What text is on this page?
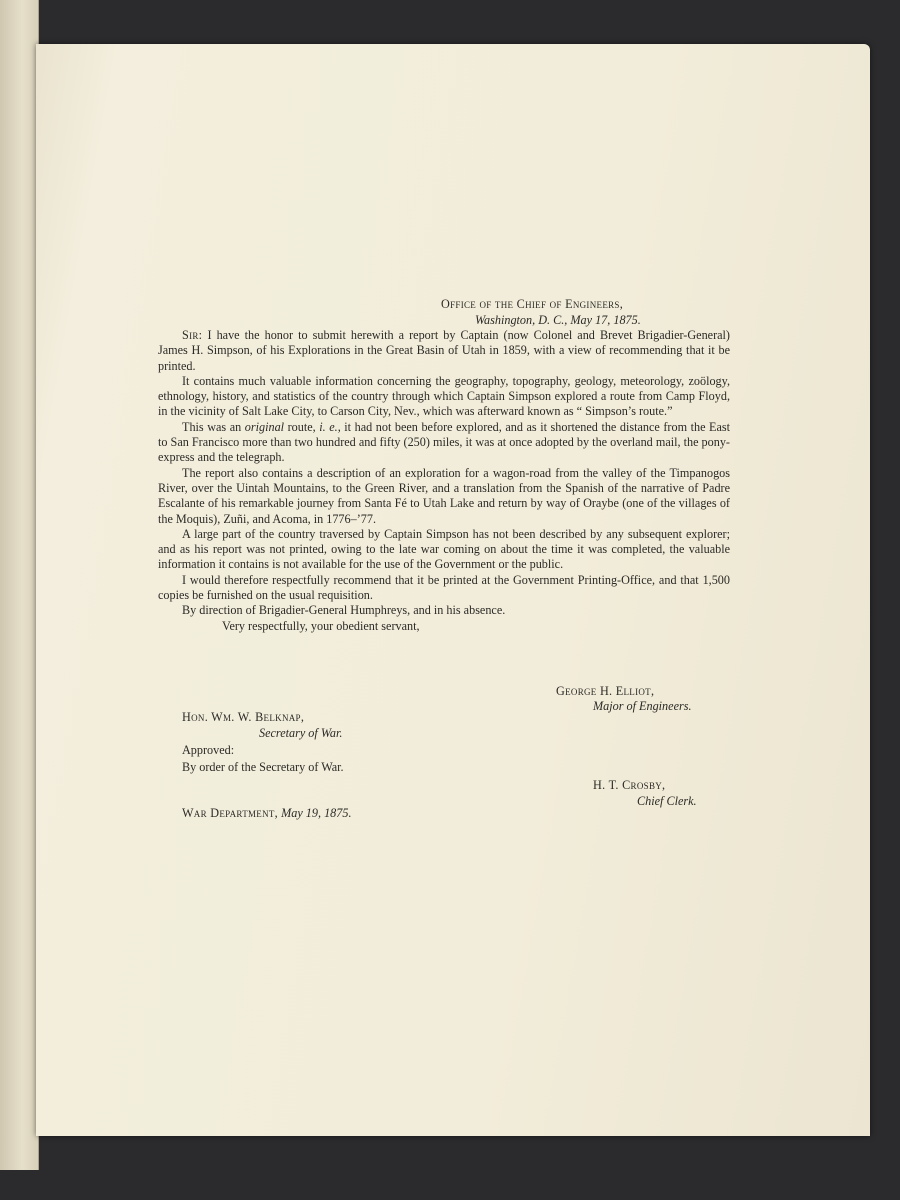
Office of the Chief of Engineers,
Washington, D. C., May 17, 1875.

Sir: I have the honor to submit herewith a report by Captain (now Colonel and Brevet Brigadier-General) James H. Simpson, of his Explorations in the Great Basin of Utah in 1859, with a view of recommending that it be printed.

It contains much valuable information concerning the geography, topography, geology, meteorology, zoölogy, ethnology, history, and statistics of the country through which Captain Simpson explored a route from Camp Floyd, in the vicinity of Salt Lake City, to Carson City, Nev., which was afterward known as “ Simpson’s route.”

This was an original route, i. e., it had not been before explored, and as it shortened the distance from the East to San Francisco more than two hundred and fifty (250) miles, it was at once adopted by the overland mail, the pony-express and the telegraph.

The report also contains a description of an exploration for a wagon-road from the valley of the Timpanogos River, over the Uintah Mountains, to the Green River, and a translation from the Spanish of the narrative of Padre Escalante of his remarkable journey from Santa Fé to Utah Lake and return by way of Oraybe (one of the villages of the Moquis), Zuñi, and Acoma, in 1776–’77.

A large part of the country traversed by Captain Simpson has not been described by any subsequent explorer; and as his report was not printed, owing to the late war coming on about the time it was completed, the valuable information it contains is not available for the use of the Government or the public.

I would therefore respectfully recommend that it be printed at the Government Printing-Office, and that 1,500 copies be furnished on the usual requisition.

By direction of Brigadier-General Humphreys, and in his absence.

Very respectfully, your obedient servant,

George H. Elliot,
Major of Engineers.
Hon. Wm. W. Belknap,
Secretary of War.
Approved:
By order of the Secretary of War.
H. T. Crosby,
Chief Clerk.
War Department, May 19, 1875.
